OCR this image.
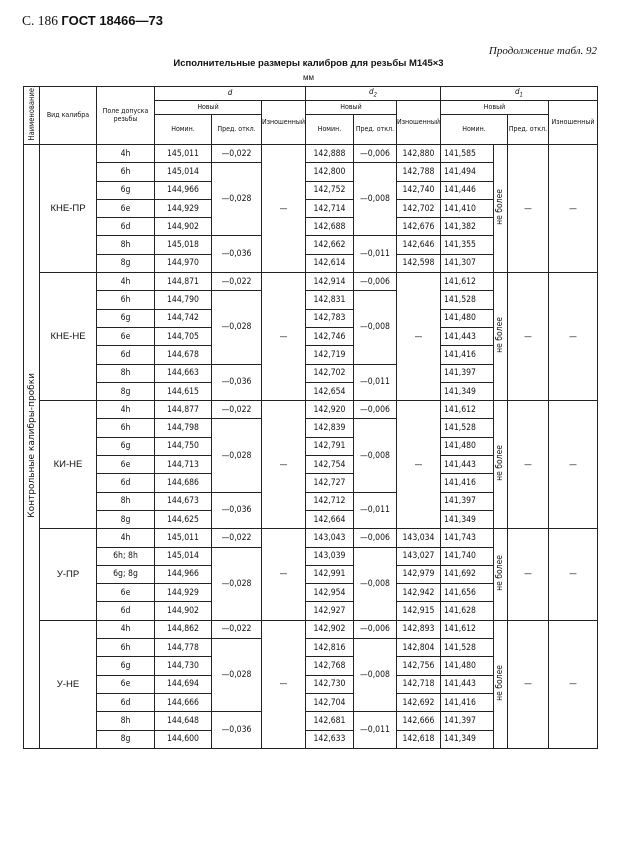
С. 186 ГОСТ 18466—73
Продолжение табл. 92
Исполнительные размеры калибров для резьбы М145×3
мм
Наименование	Вид калибра	Поле допуска резьбы	d			$d_2$			$d_1$
			Новый		Изношенный	Новый		Изношенный	Новый			Изношенный
			Номин.	Пред. откл.		Номин.	Пред. откл.		Номин.		Пред. откл.	
Контрольные калибры-пробки	КНЕ-ПР	4h	145,011	—0,022	—	142,888	—0,006	142,880	141,585	не более	—	—
		6h	145,014	—0,028		142,800	—0,008	142,788	141,494			
		6g	144,966			142,752		142,740	141,446			
		6e	144,929			142,714		142,702	141,410			
		6d	144,902			142,688		142,676	141,382			
		8h	145,018	—0,036		142,662	—0,011	142,646	141,355			
		8g	144,970			142,614		142,598	141,307			
	КНЕ-НЕ	4h	144,871	—0,022	—	142,914	—0,006	—	141,612	не более	—	—
		6h	144,790	—0,028		142,831	—0,008		141,528			
		6g	144,742			142,783			141,480			
		6e	144,705			142,746			141,443			
		6d	144,678			142,719			141,416			
		8h	144,663	—0,036		142,702	—0,011		141,397			
		8g	144,615			142,654			141,349			
	КИ-НЕ	4h	144,877	—0,022	—	142,920	—0,006	—	141,612	не более	—	—
		6h	144,798	—0,028		142,839	—0,008		141,528			
		6g	144,750			142,791			141,480			
		6e	144,713			142,754			141,443			
		6d	144,686			142,727			141,416			
		8h	144,673	—0,036		142,712	—0,011		141,397			
		8g	144,625			142,664			141,349			
	У-ПР	4h	145,011	—0,022	—	143,043	—0,006	143,034	141,743	не более	—	—
		6h; 8h	145,014	—0,028		143,039	—0,008	143,027	141,740			
		6g; 8g	144,966			142,991		142,979	141,692			
		6e	144,929			142,954		142,942	141,656			
		6d	144,902			142,927		142,915	141,628			
	У-НЕ	4h	144,862	—0,022	—	142,902	—0,006	142,893	141,612	не более	—	—
		6h	144,778	—0,028		142,816	—0,008	142,804	141,528			
		6g	144,730			142,768		142,756	141,480			
		6e	144,694			142,730		142,718	141,443			
		6d	144,666			142,704		142,692	141,416			
		8h	144,648	—0,036		142,681	—0,011	142,666	141,397			
		8g	144,600			142,633		142,618	141,349			
